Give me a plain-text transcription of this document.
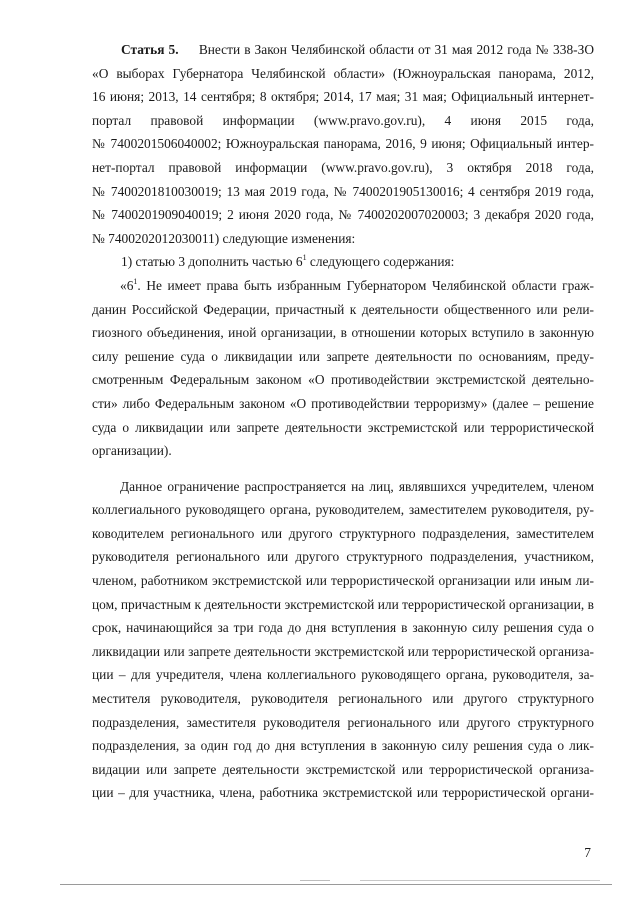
Статья 5. Внести в Закон Челябинской области от 31 мая 2012 года № 338-ЗО
«О выборах Губернатора Челябинской области» (Южноуральская панорама, 2012,
16 июня; 2013, 14 сентября; 8 октября; 2014, 17 мая; 31 мая; Официальный интернет-
портал правовой информации (www.pravo.gov.ru), 4 июня 2015 года,
№ 7400201506040002; Южноуральская панорама, 2016, 9 июня; Официальный интер-
нет-портал правовой информации (www.pravo.gov.ru), 3 октября 2018 года,
№ 7400201810030019; 13 мая 2019 года, № 7400201905130016; 4 сентября 2019 года,
№ 7400201909040019; 2 июня 2020 года, № 7400202007020003; 3 декабря 2020 года,
№ 7400202012030011) следующие изменения:
1) статью 3 дополнить частью $6^1$ следующего содержания:
«$6^1$. Не имеет права быть избранным Губернатором Челябинской области граж-
данин Российской Федерации, причастный к деятельности общественного или рели-
гиозного объединения, иной организации, в отношении которых вступило в законную
силу решение суда о ликвидации или запрете деятельности по основаниям, преду-
смотренным Федеральным законом «О противодействии экстремистской деятельно-
сти» либо Федеральным законом «О противодействии терроризму» (далее – решение
суда о ликвидации или запрете деятельности экстремистской или террористической
организации).
Данное ограничение распространяется на лиц, являвшихся учредителем, членом
коллегиального руководящего органа, руководителем, заместителем руководителя, ру-
ководителем регионального или другого структурного подразделения, заместителем
руководителя регионального или другого структурного подразделения, участником,
членом, работником экстремистской или террористической организации или иным ли-
цом, причастным к деятельности экстремистской или террористической организации, в
срок, начинающийся за три года до дня вступления в законную силу решения суда о
ликвидации или запрете деятельности экстремистской или террористической организа-
ции – для учредителя, члена коллегиального руководящего органа, руководителя, за-
местителя руководителя, руководителя регионального или другого структурного
подразделения, заместителя руководителя регионального или другого структурного
подразделения, за один год до дня вступления в законную силу решения суда о лик-
видации или запрете деятельности экстремистской или террористической организа-
ции – для участника, члена, работника экстремистской или террористической органи-
7
